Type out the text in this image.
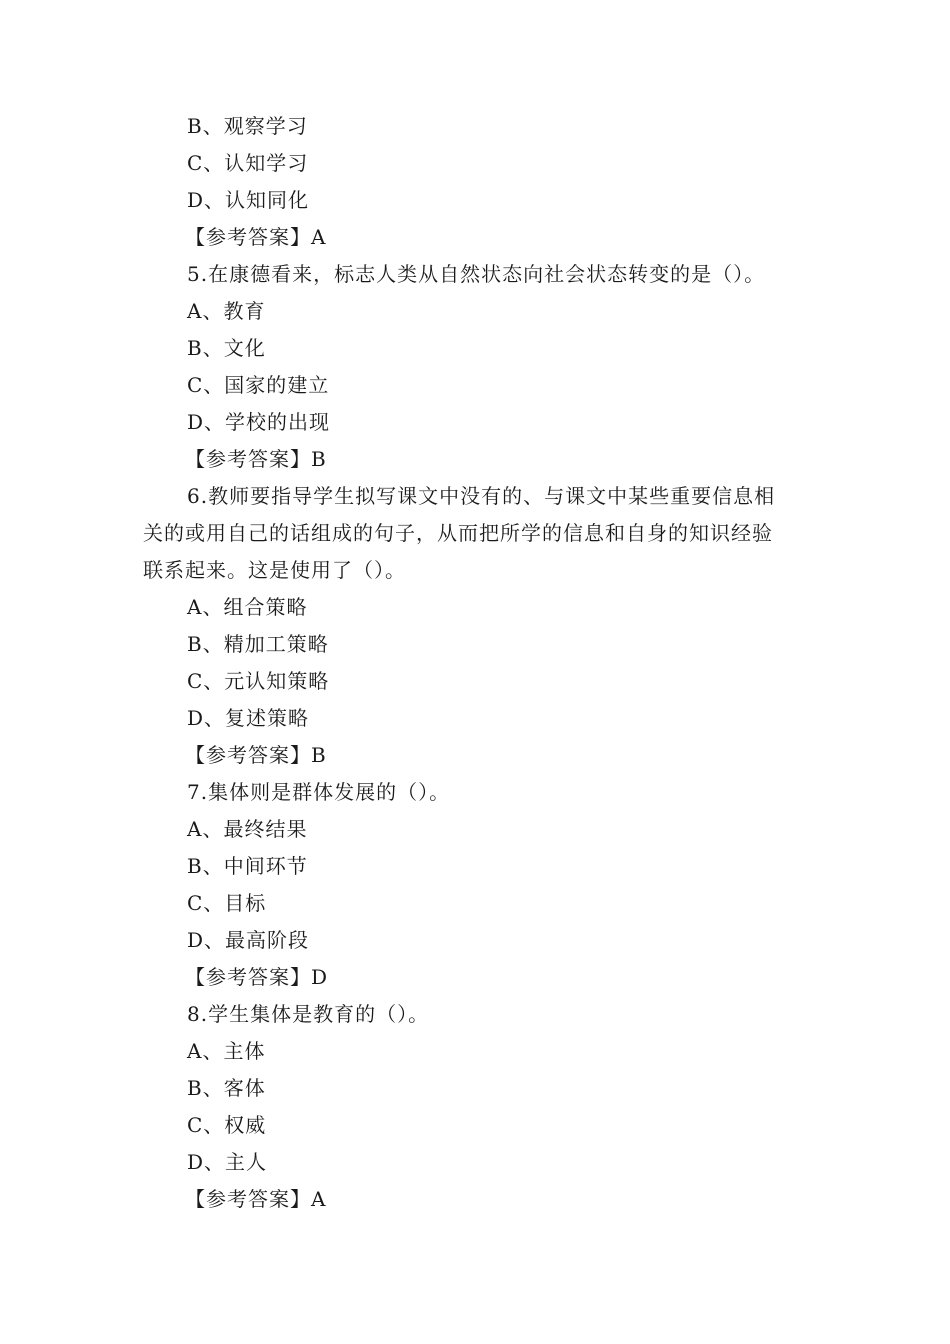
B、观察学习
C、认知学习
D、认知同化
【参考答案】A
5.在康德看来，标志人类从自然状态向社会状态转变的是（）。
A、教育
B、文化
C、国家的建立
D、学校的出现
【参考答案】B
6.教师要指导学生拟写课文中没有的、与课文中某些重要信息相
关的或用自己的话组成的句子，从而把所学的信息和自身的知识经验
联系起来。这是使用了（）。
A、组合策略
B、精加工策略
C、元认知策略
D、复述策略
【参考答案】B
7.集体则是群体发展的（）。
A、最终结果
B、中间环节
C、目标
D、最高阶段
【参考答案】D
8.学生集体是教育的（）。
A、主体
B、客体
C、权威
D、主人
【参考答案】A
